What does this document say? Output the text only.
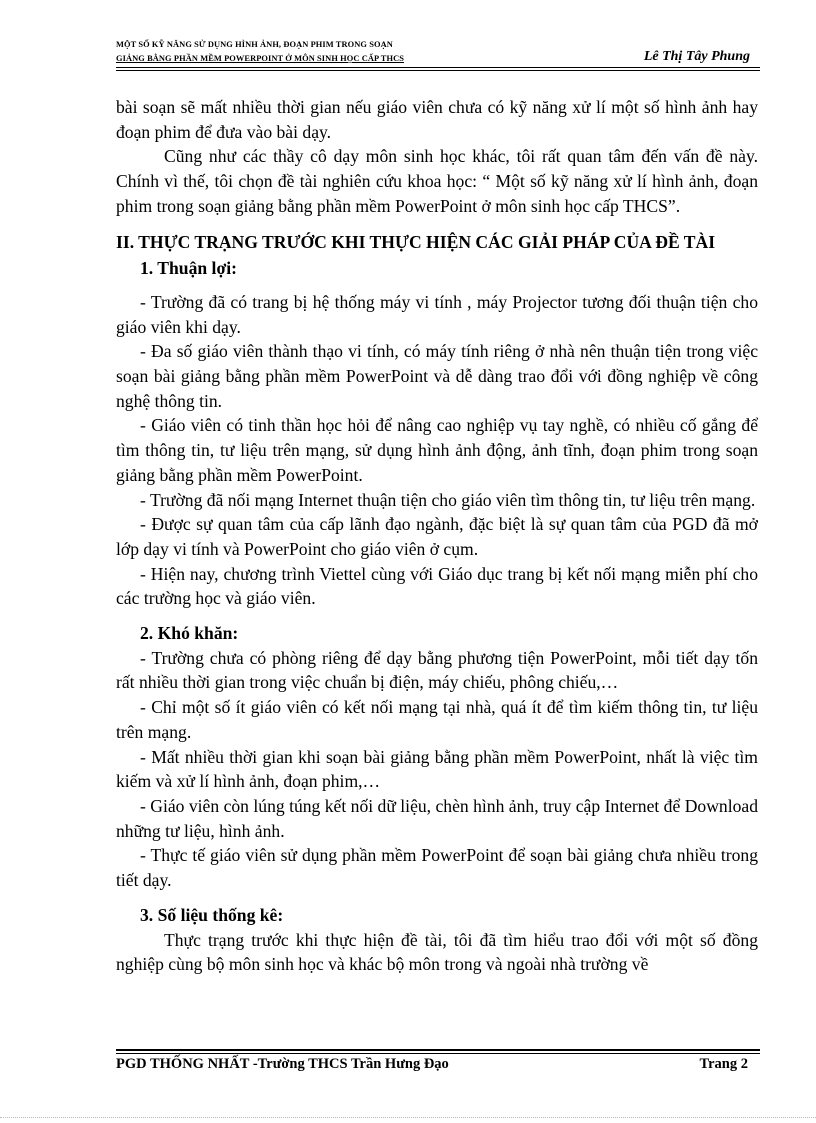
MỘT SỐ KỸ NĂNG SỬ DỤNG HÌNH ẢNH, ĐOẠN PHIM TRONG SOẠN
GIẢNG BẰNG PHẦN MỀM POWERPOINT Ở MÔN SINH HỌC CẤP THCS	Lê Thị Tây Phung

bài soạn sẽ mất nhiều thời gian nếu giáo viên chưa có kỹ năng xử lí một số hình ảnh hay đoạn phim để đưa vào bài dạy.

Cũng như các thầy cô dạy môn sinh học khác, tôi rất quan tâm đến vấn đề này. Chính vì thế, tôi chọn đề tài nghiên cứu khoa học: “ Một số kỹ năng xử lí hình ảnh, đoạn phim trong soạn giảng bằng phần mềm PowerPoint ở môn sinh học cấp THCS”.

II. THỰC TRẠNG TRƯỚC KHI THỰC HIỆN CÁC GIẢI PHÁP CỦA ĐỀ TÀI
1. Thuận lợi:

- Trường đã có trang bị hệ thống máy vi tính , máy Projector tương đối thuận tiện cho giáo viên khi dạy.

- Đa số giáo viên thành thạo vi tính, có máy tính riêng ở nhà nên thuận tiện trong việc soạn bài giảng bằng phần mềm PowerPoint và dễ dàng trao đổi với đồng nghiệp về công nghệ thông tin.

- Giáo viên có tinh thần học hỏi để nâng cao nghiệp vụ tay nghề, có nhiều cố gắng để tìm thông tin, tư liệu trên mạng, sử dụng hình ảnh động, ảnh tĩnh, đoạn phim trong soạn giảng bằng phần mềm PowerPoint.

- Trường đã nối mạng Internet thuận tiện cho giáo viên tìm thông tin, tư liệu trên mạng.

- Được sự quan tâm của cấp lãnh đạo ngành, đặc biệt là sự quan tâm của PGD đã mở lớp dạy vi tính và PowerPoint cho giáo viên ở cụm.

- Hiện nay, chương trình Viettel cùng với Giáo dục trang bị kết nối mạng miễn phí cho các trường học và giáo viên.

2. Khó khăn:

- Trường chưa có phòng riêng để dạy bằng phương tiện PowerPoint, mỗi tiết dạy tốn rất nhiều thời gian trong việc chuẩn bị điện, máy chiếu, phông chiếu,…

- Chỉ một số ít giáo viên có kết nối mạng tại nhà, quá ít để tìm kiếm thông tin, tư liệu trên mạng.

- Mất nhiều thời gian khi soạn bài giảng bằng phần mềm PowerPoint, nhất là việc tìm kiếm và xử lí hình ảnh, đoạn phim,…

- Giáo viên còn lúng túng kết nối dữ liệu, chèn hình ảnh, truy cập Internet để Download những tư liệu, hình ảnh.

- Thực tế giáo viên sử dụng phần mềm PowerPoint để soạn bài giảng chưa nhiều trong tiết dạy.

3. Số liệu thống kê:

Thực trạng trước khi thực hiện đề tài, tôi đã tìm hiểu trao đổi với một số đồng nghiệp cùng bộ môn sinh học và khác bộ môn trong và ngoài nhà trường về

PGD THỐNG NHẤT -Trường THCS Trần Hưng Đạo	Trang 2
